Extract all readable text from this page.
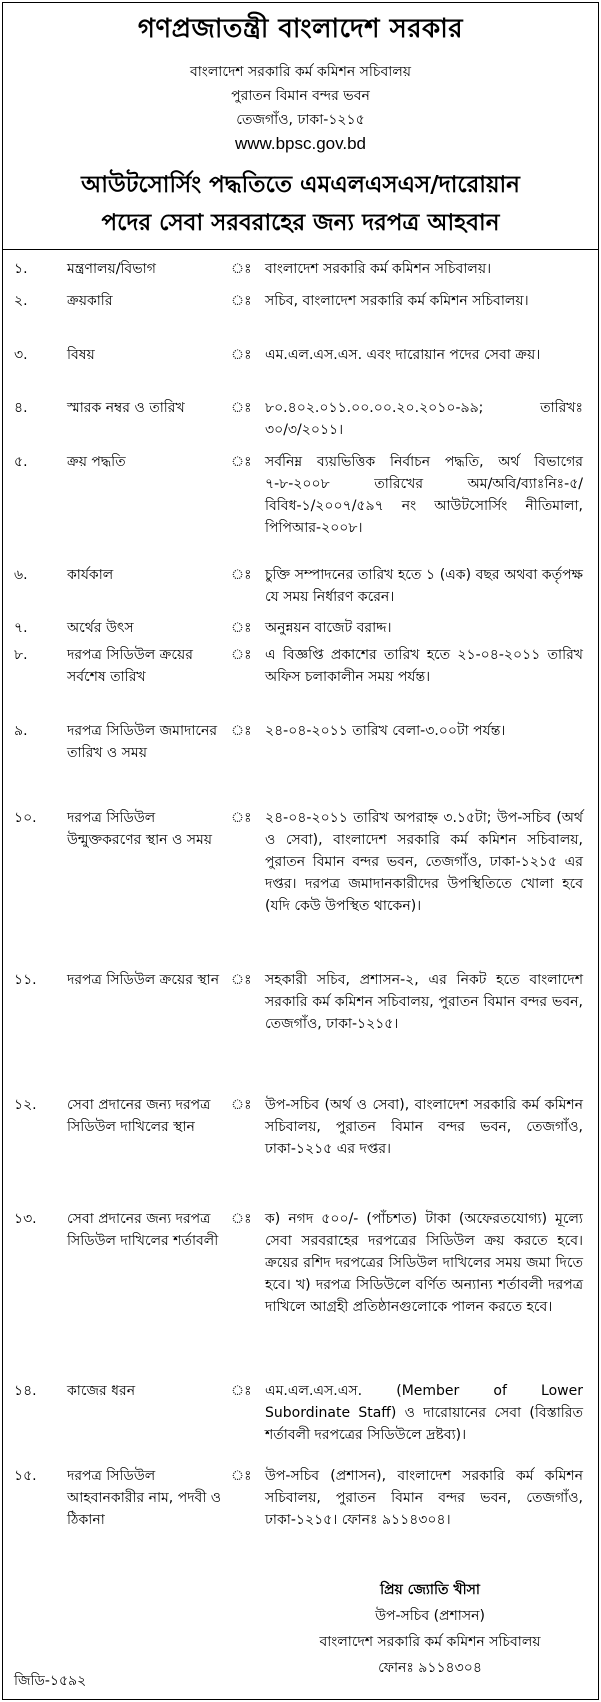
গণপ্রজাতন্ত্রী বাংলাদেশ সরকার
বাংলাদেশ সরকারি কর্ম কমিশন সচিবালয়
পুরাতন বিমান বন্দর ভবন
তেজগাঁও, ঢাকা-১২১৫
www.bpsc.gov.bd
আউটসোর্সিং পদ্ধতিতে এমএলএসএস/দারোয়ান
পদের সেবা সরবরাহের জন্য দরপত্র আহবান
১.	মন্ত্রণালয়/বিভাগ	ঃ বাংলাদেশ সরকারি কর্ম কমিশন সচিবালয়।
২.	ক্রয়কারি	ঃ সচিব, বাংলাদেশ সরকারি কর্ম কমিশন সচিবালয়।
৩.	বিষয়	ঃ এম.এল.এস.এস. এবং দারোয়ান পদের সেবা ক্রয়।
৪.	স্মারক নম্বর ও তারিখ	ঃ ৮০.৪০২.০১১.০০.০০.২০.২০১০-৯৯; তারিখঃ ৩০/৩/২০১১।
৫.	ক্রয় পদ্ধতি	ঃ সর্বনিম্ন ব্যয়ভিত্তিক নির্বাচন পদ্ধতি, অর্থ বিভাগের ৭-৮-২০০৮ তারিখের অম/অবি/ব্যাঃনিঃ-৫/বিবিধ-১/২০০৭/৫৯৭ নং আউটসোর্সিং নীতিমালা, পিপিআর-২০০৮।
৬.	কার্যকাল	ঃ চুক্তি সম্পাদনের তারিখ হতে ১ (এক) বছর অথবা কর্তৃপক্ষ যে সময় নির্ধারণ করেন।
৭.	অর্থের উৎস	ঃ অনুন্নয়ন বাজেট বরাদ্দ।
৮.	দরপত্র সিডিউল ক্রয়ের সর্বশেষ তারিখ
ঃ এ বিজ্ঞপ্তি প্রকাশের তারিখ হতে ২১-০৪-২০১১ তারিখ অফিস চলাকালীন সময় পর্যন্ত।
৯.	দরপত্র সিডিউল জমাদানের তারিখ ও সময়
ঃ ২৪-০৪-২০১১ তারিখ বেলা-৩.০০টা পর্যন্ত।
১০. দরপত্র সিডিউল উন্মুক্তকরণের স্থান ও সময়
ঃ ২৪-০৪-২০১১ তারিখ অপরাহ্ন ৩.১৫টা; উপ-সচিব (অর্থ ও সেবা), বাংলাদেশ সরকারি কর্ম কমিশন সচিবালয়, পুরাতন বিমান বন্দর ভবন, তেজগাঁও, ঢাকা-১২১৫ এর দপ্তর। দরপত্র জমাদানকারীদের উপস্থিতিতে খোলা হবে (যদি কেউ উপস্থিত থাকেন)।
১১. দরপত্র সিডিউল ক্রয়ের স্থান ঃ সহকারী সচিব, প্রশাসন-২, এর নিকট হতে বাংলাদেশ সরকারি কর্ম কমিশন সচিবালয়, পুরাতন বিমান বন্দর ভবন, তেজগাঁও, ঢাকা-১২১৫।
১২. সেবা প্রদানের জন্য দরপত্র সিডিউল দাখিলের স্থান
ঃ উপ-সচিব (অর্থ ও সেবা), বাংলাদেশ সরকারি কর্ম কমিশন সচিবালয়, পুরাতন বিমান বন্দর ভবন, তেজগাঁও, ঢাকা-১২১৫ এর দপ্তর।
১৩. সেবা প্রদানের জন্য দরপত্র সিডিউল দাখিলের শর্তাবলী
ঃ ক) নগদ ৫০০/- (পাঁচশত) টাকা (অফেরতযোগ্য) মূল্যে সেবা সরবরাহের দরপত্রের সিডিউল ক্রয় করতে হবে। ক্রয়ের রশিদ দরপত্রের সিডিউল দাখিলের সময় জমা দিতে হবে। খ) দরপত্র সিডিউলে বর্ণিত অন্যান্য শর্তাবলী দরপত্র দাখিলে আগ্রহী প্রতিষ্ঠানগুলোকে পালন করতে হবে।
১৪. কাজের ধরন	ঃ এম.এল.এস.এস. (Member of Lower Subordinate Staff) ও দারোয়ানের সেবা (বিস্তারিত শর্তাবলী দরপত্রের সিডিউলে দ্রষ্টব্য)।
১৫. দরপত্র সিডিউল আহবানকারীর নাম, পদবী ও ঠিকানা
ঃ উপ-সচিব (প্রশাসন), বাংলাদেশ সরকারি কর্ম কমিশন সচিবালয়, পুরাতন বিমান বন্দর ভবন, তেজগাঁও, ঢাকা-১২১৫। ফোনঃ ৯১১৪৩০৪।
প্রিয় জ্যোতি খীসা
উপ-সচিব (প্রশাসন)
বাংলাদেশ সরকারি কর্ম কমিশন সচিবালয়
ফোনঃ ৯১১৪৩০৪
জিডি-১৫৯২
